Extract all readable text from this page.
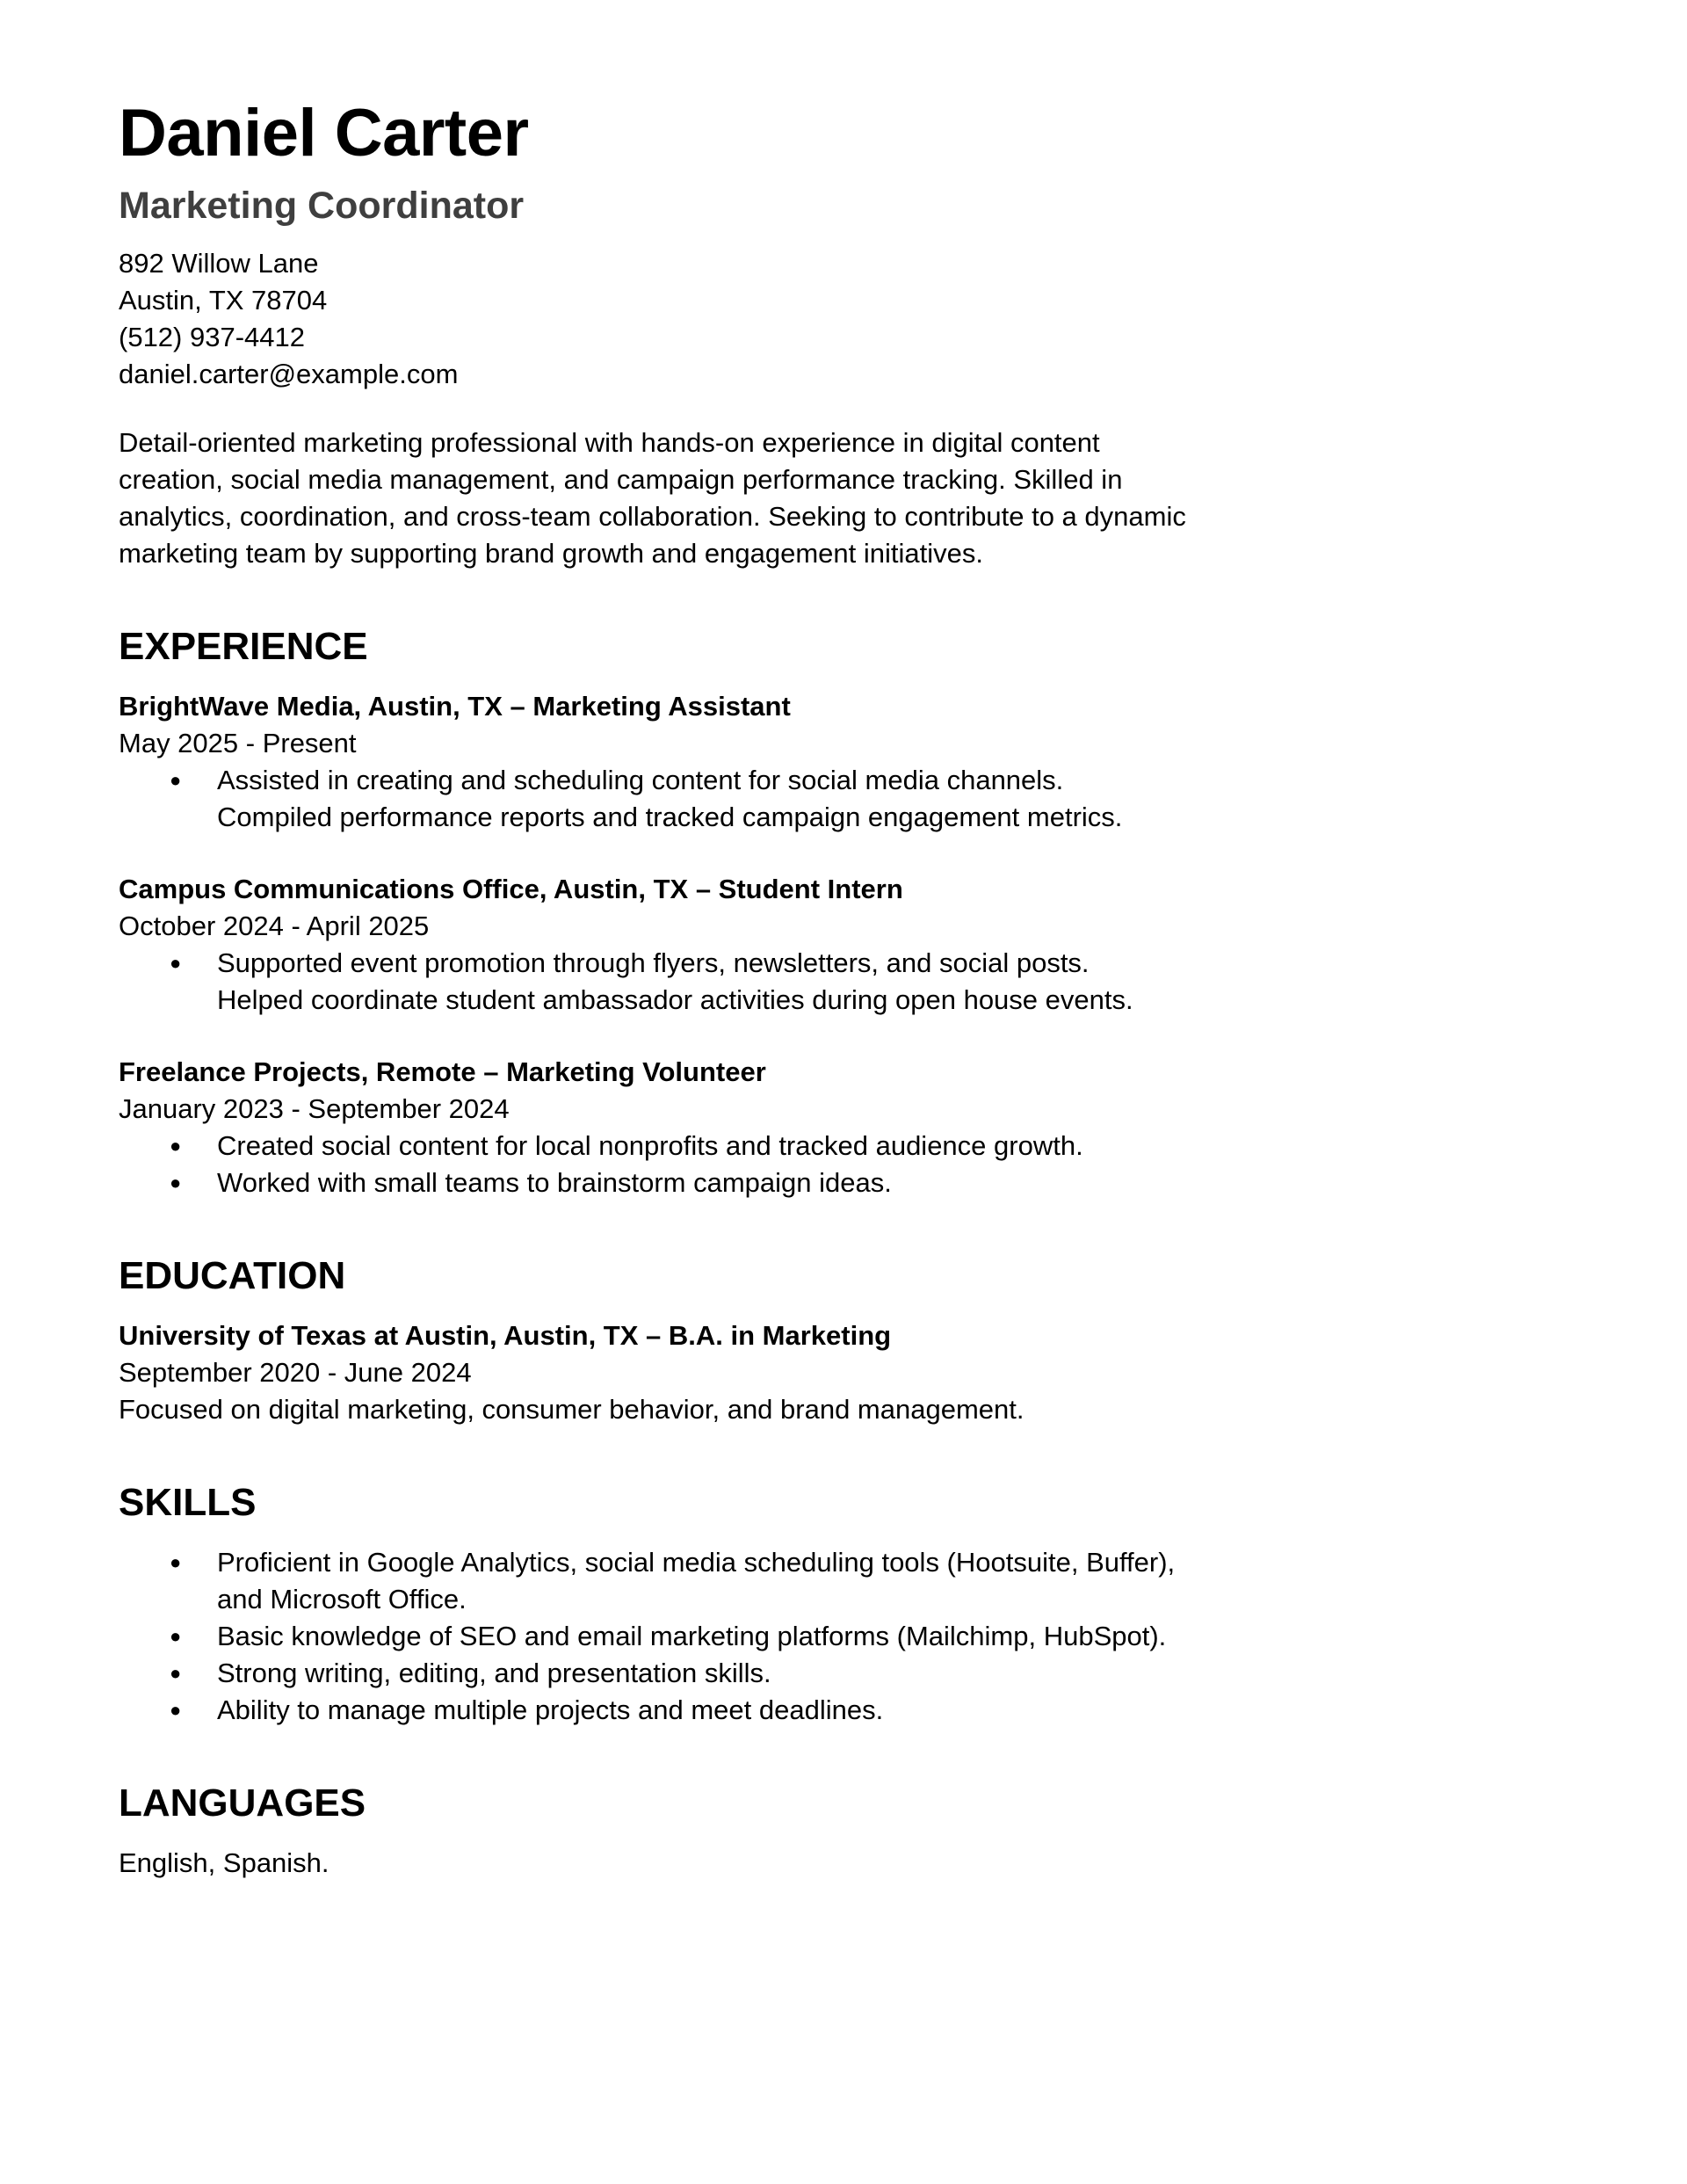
Daniel Carter
Marketing Coordinator
892 Willow Lane
Austin, TX 78704
(512) 937-4412
daniel.carter@example.com
Detail-oriented marketing professional with hands-on experience in digital content creation, social media management, and campaign performance tracking. Skilled in analytics, coordination, and cross-team collaboration. Seeking to contribute to a dynamic marketing team by supporting brand growth and engagement initiatives.
EXPERIENCE
BrightWave Media, Austin, TX – Marketing Assistant
May 2025 - Present
● Assisted in creating and scheduling content for social media channels.
Compiled performance reports and tracked campaign engagement metrics.
Campus Communications Office, Austin, TX – Student Intern
October 2024 - April 2025
● Supported event promotion through flyers, newsletters, and social posts.
Helped coordinate student ambassador activities during open house events.
Freelance Projects, Remote – Marketing Volunteer
January 2023 - September 2024
● Created social content for local nonprofits and tracked audience growth.
● Worked with small teams to brainstorm campaign ideas.
EDUCATION
University of Texas at Austin, Austin, TX – B.A. in Marketing
September 2020 - June 2024
Focused on digital marketing, consumer behavior, and brand management.
SKILLS
● Proficient in Google Analytics, social media scheduling tools (Hootsuite, Buffer),
and Microsoft Office.
● Basic knowledge of SEO and email marketing platforms (Mailchimp, HubSpot).
● Strong writing, editing, and presentation skills.
● Ability to manage multiple projects and meet deadlines.
LANGUAGES
English, Spanish.
